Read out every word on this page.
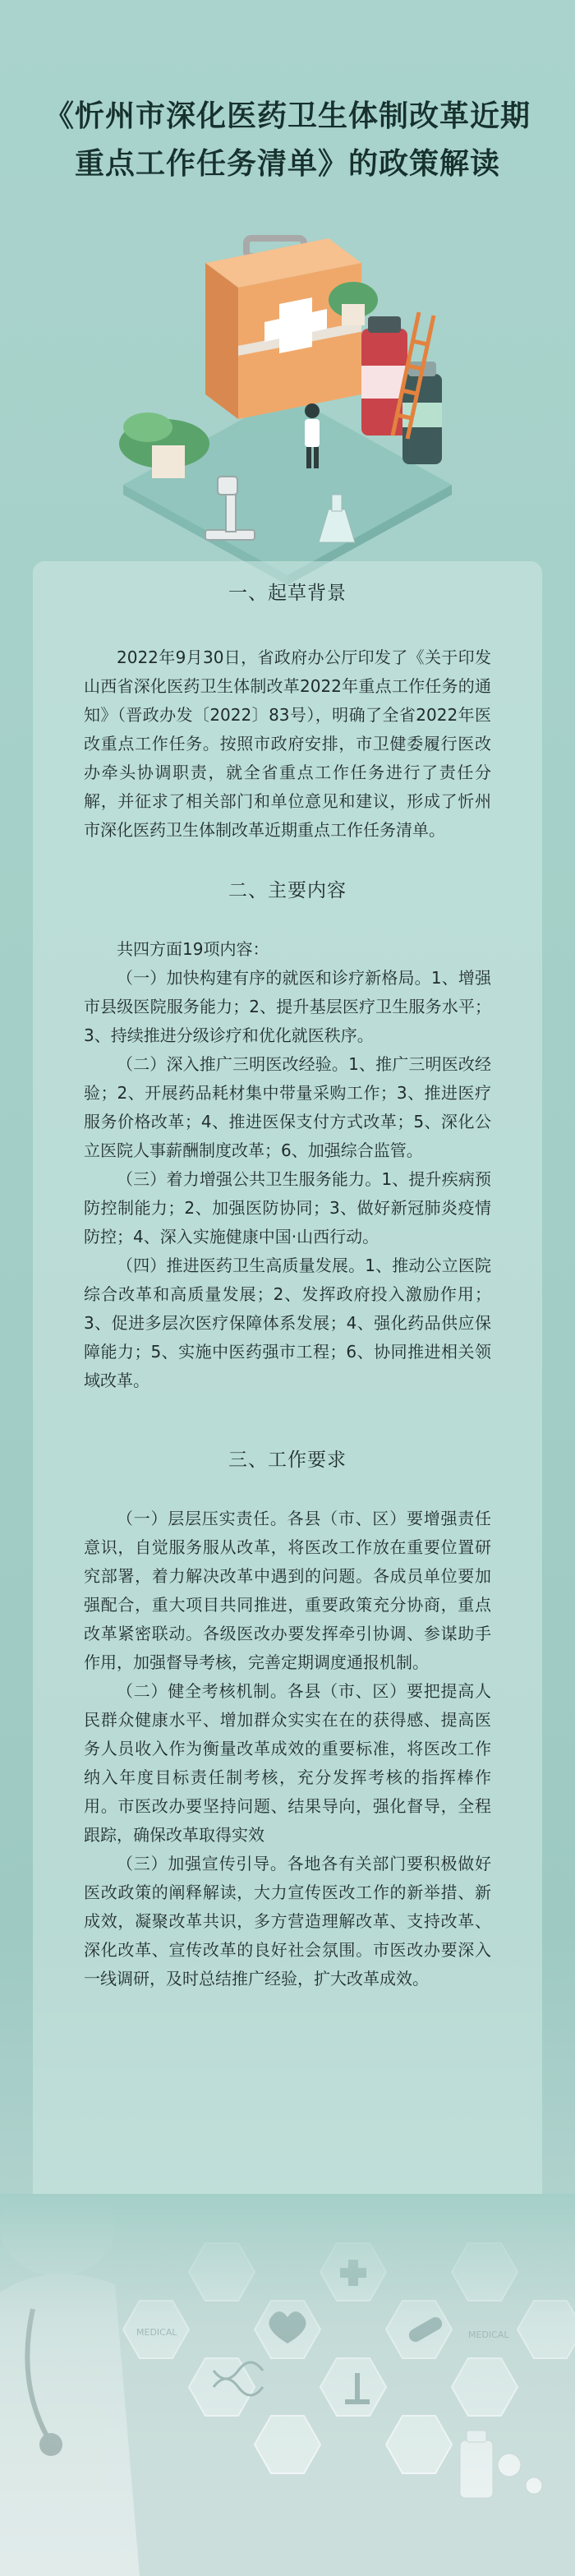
《忻州市深化医药卫生体制改革近期
重点工作任务清单》的政策解读
一、起草背景

2022年9月30日，省政府办公厅印发了《关于印发山西省深化医药卫生体制改革2022年重点工作任务的通知》（晋政办发〔2022〕83号），明确了全省2022年医改重点工作任务。按照市政府安排，市卫健委履行医改办牵头协调职责，就全省重点工作任务进行了责任分解，并征求了相关部门和单位意见和建议，形成了忻州市深化医药卫生体制改革近期重点工作任务清单。

二、主要内容

共四方面19项内容：

（一）加快构建有序的就医和诊疗新格局。1、增强市县级医院服务能力；2、提升基层医疗卫生服务水平；3、持续推进分级诊疗和优化就医秩序。

（二）深入推广三明医改经验。1、推广三明医改经验；2、开展药品耗材集中带量采购工作；3、推进医疗服务价格改革；4、推进医保支付方式改革；5、深化公立医院人事薪酬制度改革；6、加强综合监管。

（三）着力增强公共卫生服务能力。1、提升疾病预防控制能力；2、加强医防协同；3、做好新冠肺炎疫情防控；4、深入实施健康中国·山西行动。

（四）推进医药卫生高质量发展。1、推动公立医院综合改革和高质量发展；2、发挥政府投入激励作用；3、促进多层次医疗保障体系发展；4、强化药品供应保障能力；5、实施中医药强市工程；6、协同推进相关领域改革。

三、工作要求

（一）层层压实责任。各县（市、区）要增强责任意识，自觉服务服从改革，将医改工作放在重要位置研究部署，着力解决改革中遇到的问题。各成员单位要加强配合，重大项目共同推进，重要政策充分协商，重点改革紧密联动。各级医改办要发挥牵引协调、参谋助手作用，加强督导考核，完善定期调度通报机制。

（二）健全考核机制。各县（市、区）要把提高人民群众健康水平、增加群众实实在在的获得感、提高医务人员收入作为衡量改革成效的重要标准，将医改工作纳入年度目标责任制考核，充分发挥考核的指挥棒作用。市医改办要坚持问题、结果导向，强化督导，全程跟踪，确保改革取得实效

（三）加强宣传引导。各地各有关部门要积极做好医改政策的阐释解读，大力宣传医改工作的新举措、新成效，凝聚改革共识，多方营造理解改革、支持改革、深化改革、宣传改革的良好社会氛围。市医改办要深入一线调研，及时总结推广经验，扩大改革成效。
